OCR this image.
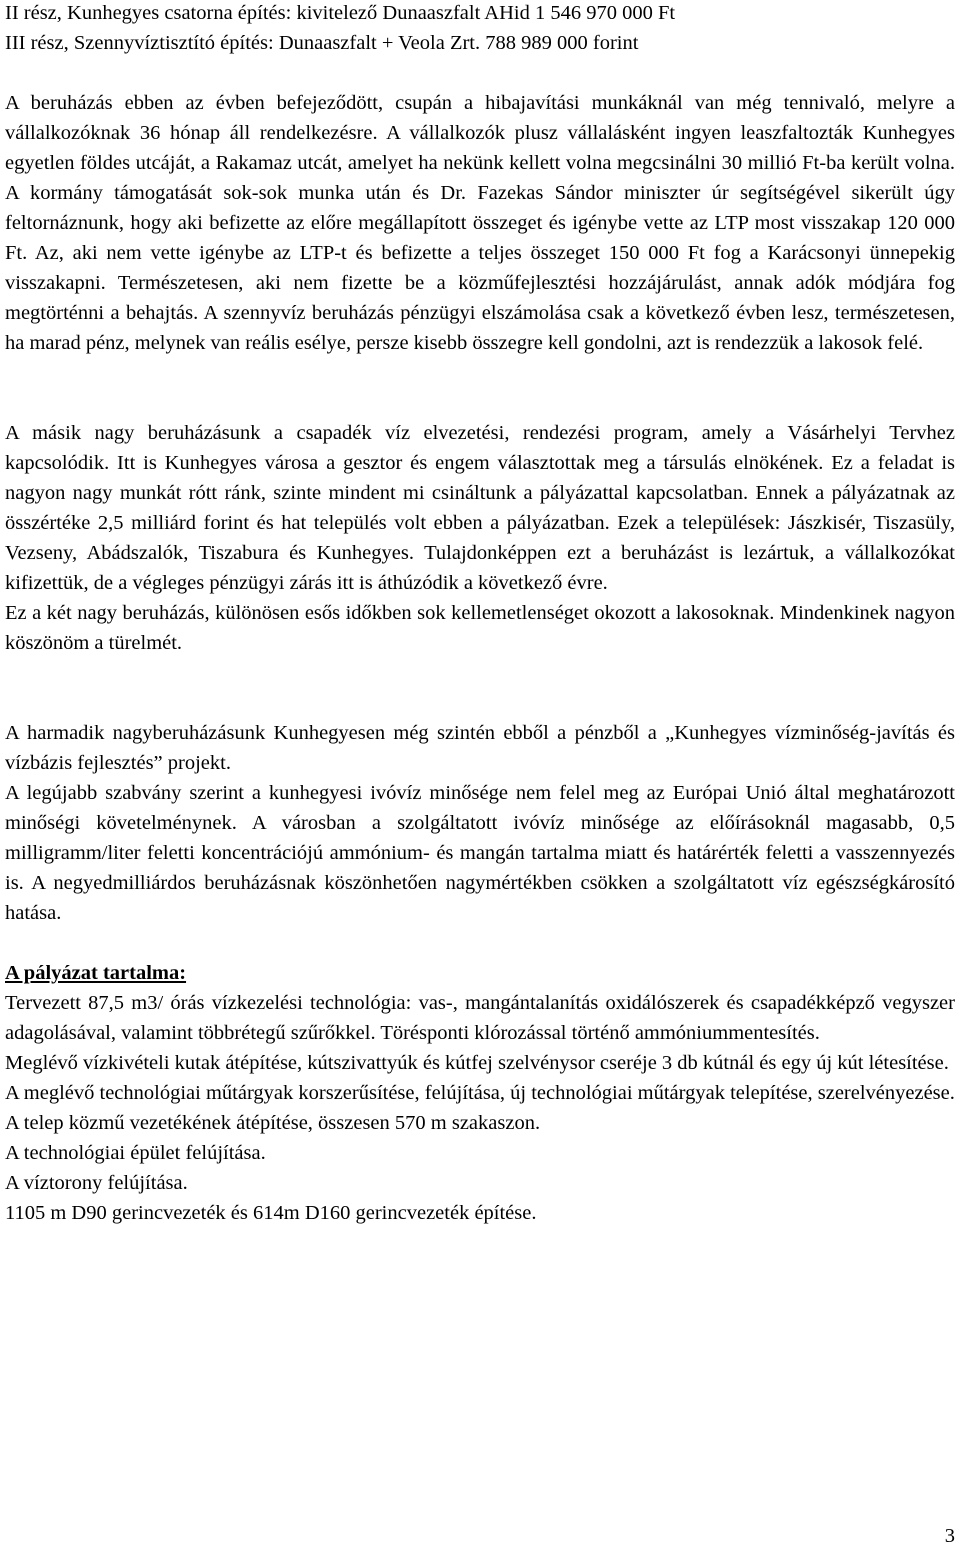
II rész, Kunhegyes csatorna építés: kivitelező Dunaaszfalt AHid 1 546 970 000 Ft

III rész, Szennyvíztisztító építés: Dunaaszfalt + Veola Zrt. 788 989 000 forint

A beruházás ebben az évben befejeződött, csupán a hibajavítási munkáknál van még tennivaló, melyre a vállalkozóknak 36 hónap áll rendelkezésre. A vállalkozók plusz vállalásként ingyen leaszfaltozták Kunhegyes egyetlen földes utcáját, a Rakamaz utcát, amelyet ha nekünk kellett volna megcsinálni 30 millió Ft-ba került volna. A kormány támogatását sok-sok munka után és Dr. Fazekas Sándor miniszter úr segítségével sikerült úgy feltornáznunk, hogy aki befizette az előre megállapított összeget és igénybe vette az LTP most visszakap 120 000 Ft. Az, aki nem vette igénybe az LTP-t és befizette a teljes összeget 150 000 Ft fog a Karácsonyi ünnepekig visszakapni. Természetesen, aki nem fizette be a közműfejlesztési hozzájárulást, annak adók módjára fog megtörténni a behajtás. A szennyvíz beruházás pénzügyi elszámolása csak a következő évben lesz, természetesen, ha marad pénz, melynek van reális esélye, persze kisebb összegre kell gondolni, azt is rendezzük a lakosok felé.

A másik nagy beruházásunk a csapadék víz elvezetési, rendezési program, amely a Vásárhelyi Tervhez kapcsolódik. Itt is Kunhegyes városa a gesztor és engem választottak meg a társulás elnökének. Ez a feladat is nagyon nagy munkát rótt ránk, szinte mindent mi csináltunk a pályázattal kapcsolatban. Ennek a pályázatnak az összértéke 2,5 milliárd forint és hat település volt ebben a pályázatban. Ezek a települések: Jászkisér, Tiszasüly, Vezseny, Abádszalók, Tiszabura és Kunhegyes. Tulajdonképpen ezt a beruházást is lezártuk, a vállalkozókat kifizettük, de a végleges pénzügyi zárás itt is áthúzódik a következő évre.

Ez a két nagy beruházás, különösen esős időkben sok kellemetlenséget okozott a lakosoknak. Mindenkinek nagyon köszönöm a türelmét.

A harmadik nagyberuházásunk Kunhegyesen még szintén ebből a pénzből a „Kunhegyes vízminőség-javítás és vízbázis fejlesztés” projekt.

A legújabb szabvány szerint a kunhegyesi ivóvíz minősége nem felel meg az Európai Unió által meghatározott minőségi követelménynek. A városban a szolgáltatott ivóvíz minősége az előírásoknál magasabb, 0,5 milligramm/liter feletti koncentrációjú ammónium- és mangán tartalma miatt és határérték feletti a vasszennyezés is. A negyedmilliárdos beruházásnak köszönhetően nagymértékben csökken a szolgáltatott víz egészségkárosító hatása.

A pályázat tartalma:

Tervezett 87,5 m3/ órás vízkezelési technológia: vas-, mangántalanítás oxidálószerek és csapadékképző vegyszer adagolásával, valamint többrétegű szűrőkkel. Törésponti klórozással történő ammóniummentesítés.

Meglévő vízkivételi kutak átépítése, kútszivattyúk és kútfej szelvénysor cseréje 3 db kútnál és egy új kút létesítése.

A meglévő technológiai műtárgyak korszerűsítése, felújítása, új technológiai műtárgyak telepítése, szerelvényezése.

A telep közmű vezetékének átépítése, összesen 570 m szakaszon.

A technológiai épület felújítása.

A víztorony felújítása.

1105 m D90 gerincvezeték és 614m D160 gerincvezeték építése.

3
